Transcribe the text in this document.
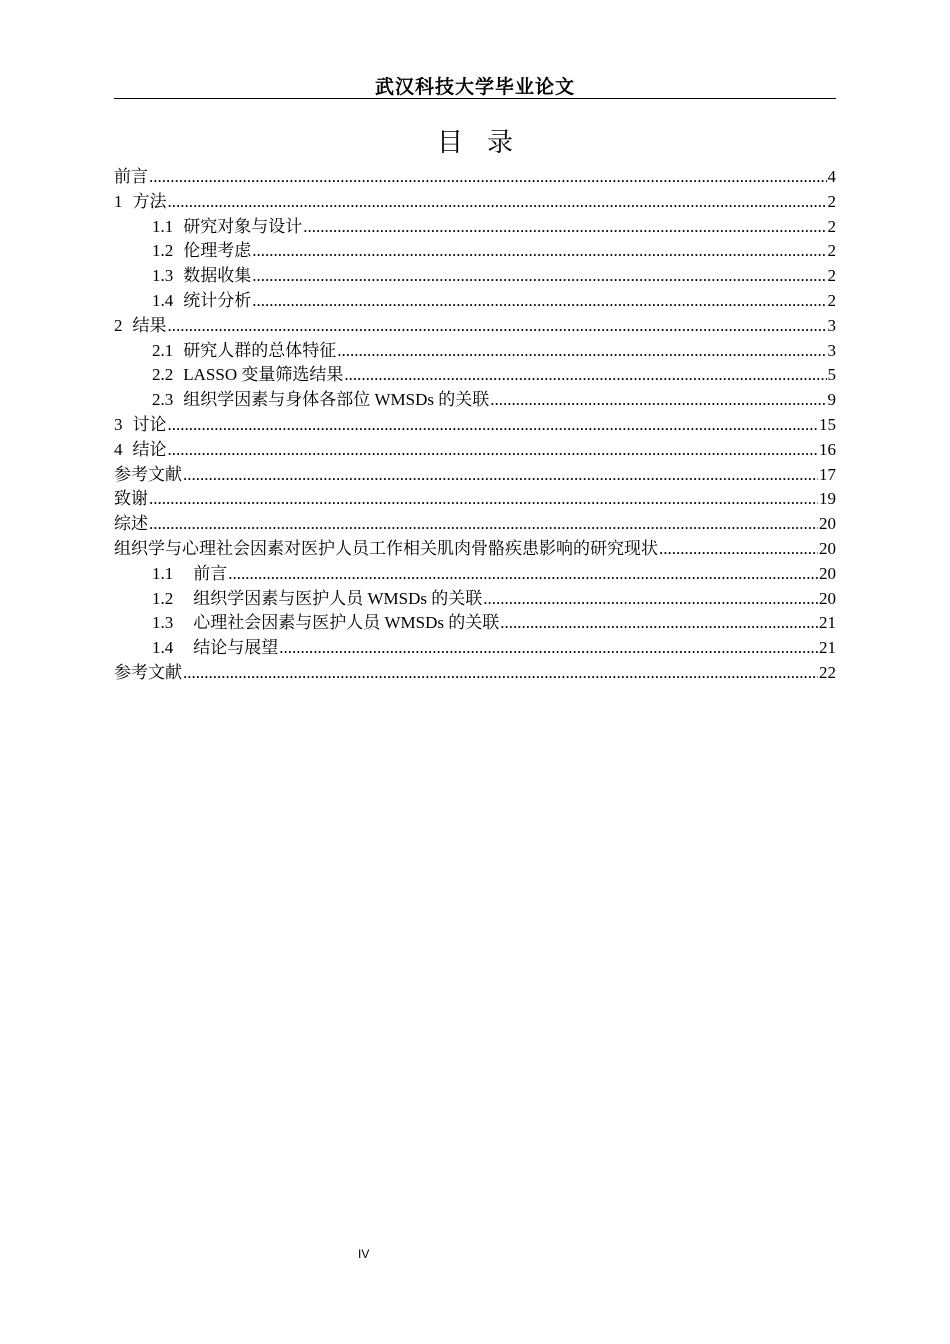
武汉科技大学毕业论文
目录
前言 .....	4
1 方法 .....	2
1.1 研究对象与设计 .....	2
1.2 伦理考虑 .....	2
1.3 数据收集 .....	2
1.4 统计分析 .....	2
2 结果 .....	3
2.1 研究人群的总体特征 .....	3
2.2 LASSO 变量筛选结果 .....	5
2.3 组织学因素与身体各部位 WMSDs 的关联 .....	9
3 讨论 .....	15
4 结论 .....	16
参考文献 .....	17
致谢 .....	19
综述 .....	20
组织学与心理社会因素对医护人员工作相关肌肉骨骼疾患影响的研究现状 .....	20
1.1 前言 .....	20
1.2 组织学因素与医护人员 WMSDs 的关联 .....	20
1.3 心理社会因素与医护人员 WMSDs 的关联 .....	21
1.4 结论与展望 .....	21
参考文献 .....	22
IV
